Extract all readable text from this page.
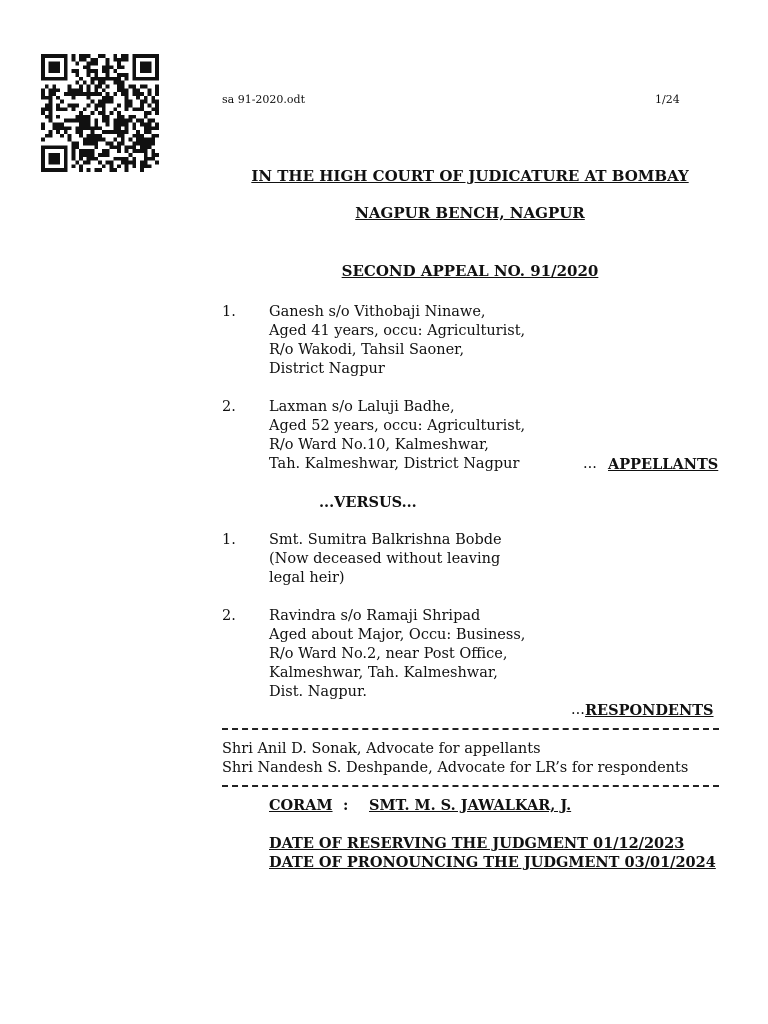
sa 91-2020.odt	1/24
IN THE HIGH COURT OF JUDICATURE AT BOMBAY
NAGPUR BENCH, NAGPUR
SECOND APPEAL NO. 91/2020
1. Ganesh s/o Vithobaji Ninawe,
Aged 41 years, occu: Agriculturist,
R/o Wakodi, Tahsil Saoner,
District Nagpur
2. Laxman s/o Laluji Badhe,
Aged 52 years, occu: Agriculturist,
R/o Ward No.10, Kalmeshwar,
Tah. Kalmeshwar, District Nagpur	... APPELLANTS
...VERSUS...
1. Smt. Sumitra Balkrishna Bobde
(Now deceased without leaving
legal heir)
2. Ravindra s/o Ramaji Shripad
Aged about Major, Occu: Business,
R/o Ward No.2, near Post Office,
Kalmeshwar, Tah. Kalmeshwar,
Dist. Nagpur.
... RESPONDENTS
Shri Anil D. Sonak, Advocate for appellants
Shri Nandesh S. Deshpande, Advocate for LR’s for respondents
CORAM : SMT. M. S. JAWALKAR, J.
DATE OF RESERVING THE JUDGMENT 01/12/2023
DATE OF PRONOUNCING THE JUDGMENT 03/01/2024
